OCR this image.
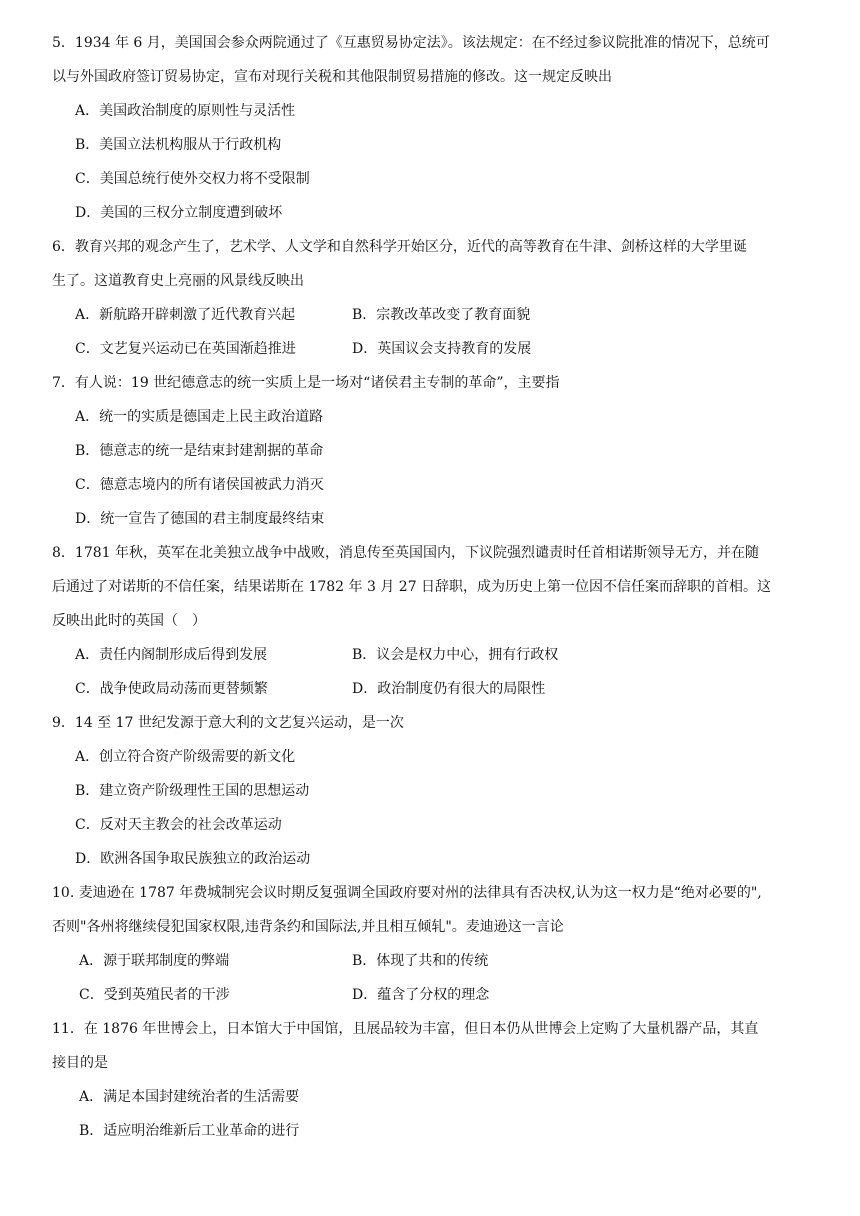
5．1934 年 6 月，美国国会参众两院通过了《互惠贸易协定法》。该法规定：在不经过参议院批准的情况下，总统可
以与外国政府签订贸易协定，宣布对现行关税和其他限制贸易措施的修改。这一规定反映出
A．美国政治制度的原则性与灵活性
B．美国立法机构服从于行政机构
C．美国总统行使外交权力将不受限制
D．美国的三权分立制度遭到破坏
6．教育兴邦的观念产生了，艺术学、人文学和自然科学开始区分，近代的高等教育在牛津、剑桥这样的大学里诞
生了。这道教育史上亮丽的风景线反映出
A．新航路开辟刺激了近代教育兴起	B．宗教改革改变了教育面貌
C．文艺复兴运动已在英国渐趋推进	D．英国议会支持教育的发展
7．有人说：19 世纪德意志的统一实质上是一场对“诸侯君主专制的革命”，主要指
A．统一的实质是德国走上民主政治道路
B．德意志的统一是结束封建割据的革命
C．德意志境内的所有诸侯国被武力消灭
D．统一宣告了德国的君主制度最终结束
8．1781 年秋，英军在北美独立战争中战败，消息传至英国国内，下议院强烈谴责时任首相诺斯领导无方，并在随
后通过了对诺斯的不信任案，结果诺斯在 1782 年 3 月 27 日辞职，成为历史上第一位因不信任案而辞职的首相。这
反映出此时的英国（　）
A．责任内阁制形成后得到发展	B．议会是权力中心，拥有行政权
C．战争使政局动荡而更替频繁	D．政治制度仍有很大的局限性
9．14 至 17 世纪发源于意大利的文艺复兴运动，是一次
A．创立符合资产阶级需要的新文化
B．建立资产阶级理性王国的思想运动
C．反对天主教会的社会改革运动
D．欧洲各国争取民族独立的政治运动
10. 麦迪逊在 1787 年费城制宪会议时期反复强调全国政府要对州的法律具有否决权,认为这一权力是“绝对必要的",
否则"各州将继续侵犯国家权限,违背条约和国际法,并且相互倾轧"。麦迪逊这一言论
A．源于联邦制度的弊端	B．体现了共和的传统
C．受到英殖民者的干涉	D．蕴含了分权的理念
11．在 1876 年世博会上，日本馆大于中国馆，且展品较为丰富，但日本仍从世博会上定购了大量机器产品，其直
接目的是
A．满足本国封建统治者的生活需要
B．适应明治维新后工业革命的进行
